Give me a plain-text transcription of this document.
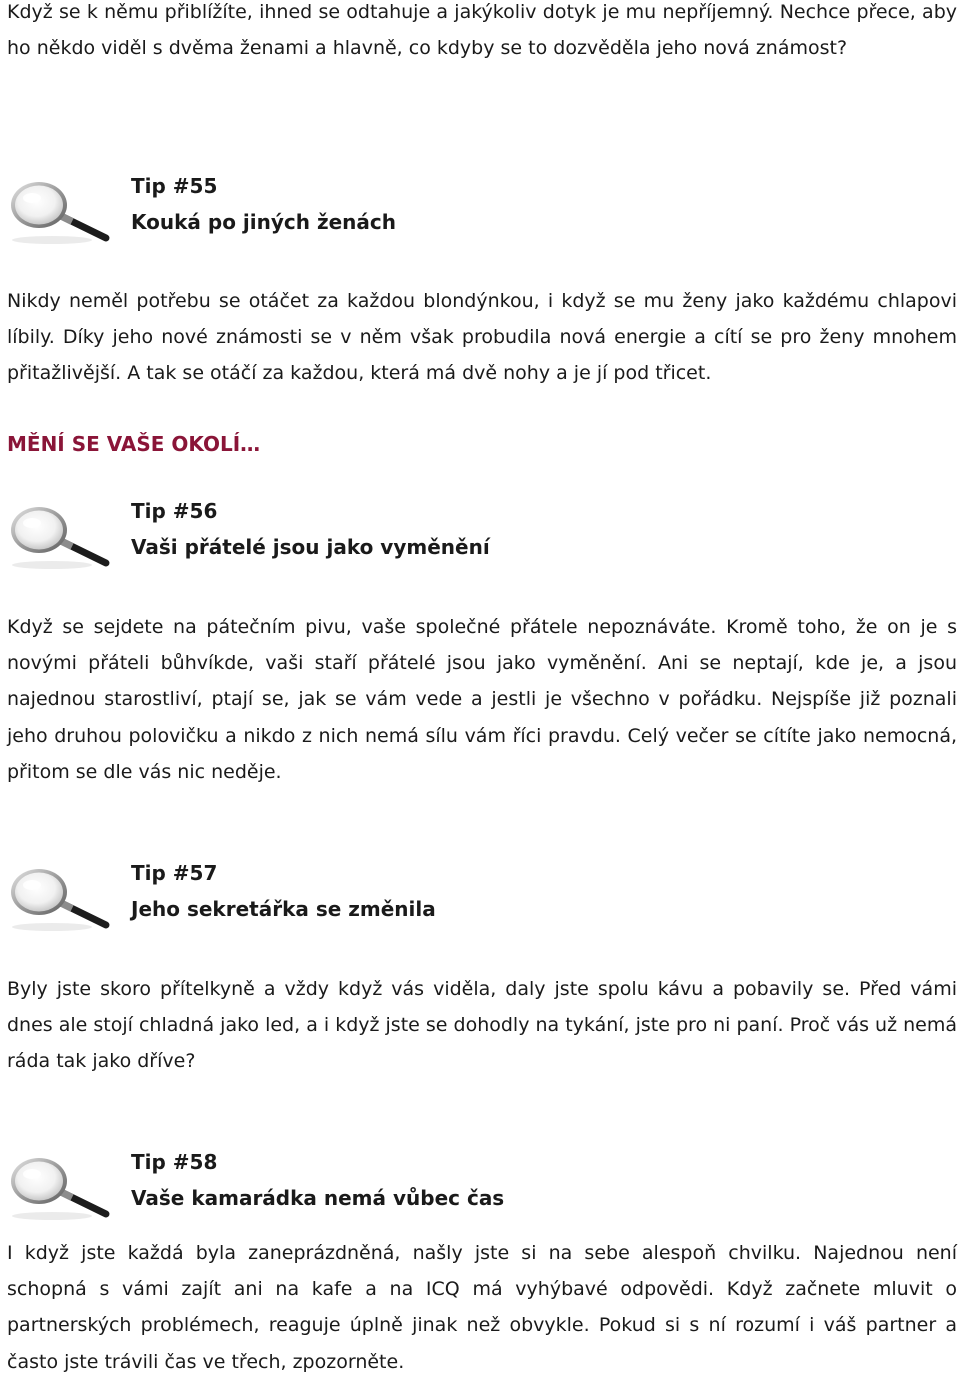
Když se k němu přiblížíte, ihned se odtahuje a jakýkoliv dotyk je mu nepříjemný. Nechce přece, aby ho někdo viděl s dvěma ženami a hlavně, co kdyby se to dozvěděla jeho nová známost?

Tip #55

Kouká po jiných ženách

Nikdy neměl potřebu se otáčet za každou blondýnkou, i když se mu ženy jako každému chlapovi líbily. Díky jeho nové známosti se v něm však probudila nová energie a cítí se pro ženy mnohem přitažlivější. A tak se otáčí za každou, která má dvě nohy a je jí pod třicet.

MĚNÍ SE VAŠE OKOLÍ…

Tip #56

Vaši přátelé jsou jako vyměnění

Když se sejdete na pátečním pivu, vaše společné přátele nepoznáváte. Kromě toho, že on je s novými přáteli bůhvíkde, vaši staří přátelé jsou jako vyměnění. Ani se neptají, kde je, a jsou najednou starostliví, ptají se, jak se vám vede a jestli je všechno v pořádku. Nejspíše již poznali jeho druhou polovičku a nikdo z nich nemá sílu vám říci pravdu. Celý večer se cítíte jako nemocná, přitom se dle vás nic neděje.

Tip #57

Jeho sekretářka se změnila

Byly jste skoro přítelkyně a vždy když vás viděla, daly jste spolu kávu a pobavily se. Před vámi dnes ale stojí chladná jako led, a i když jste se dohodly na tykání, jste pro ni paní. Proč vás už nemá ráda tak jako dříve?

Tip #58

Vaše kamarádka nemá vůbec čas

I když jste každá byla zaneprázdněná, našly jste si na sebe alespoň chvilku. Najednou není schopná s vámi zajít ani na kafe a na ICQ má vyhýbavé odpovědi. Když začnete mluvit o partnerských problémech, reaguje úplně jinak než obvykle. Pokud si s ní rozumí i váš partner a často jste trávili čas ve třech, zpozorněte.
